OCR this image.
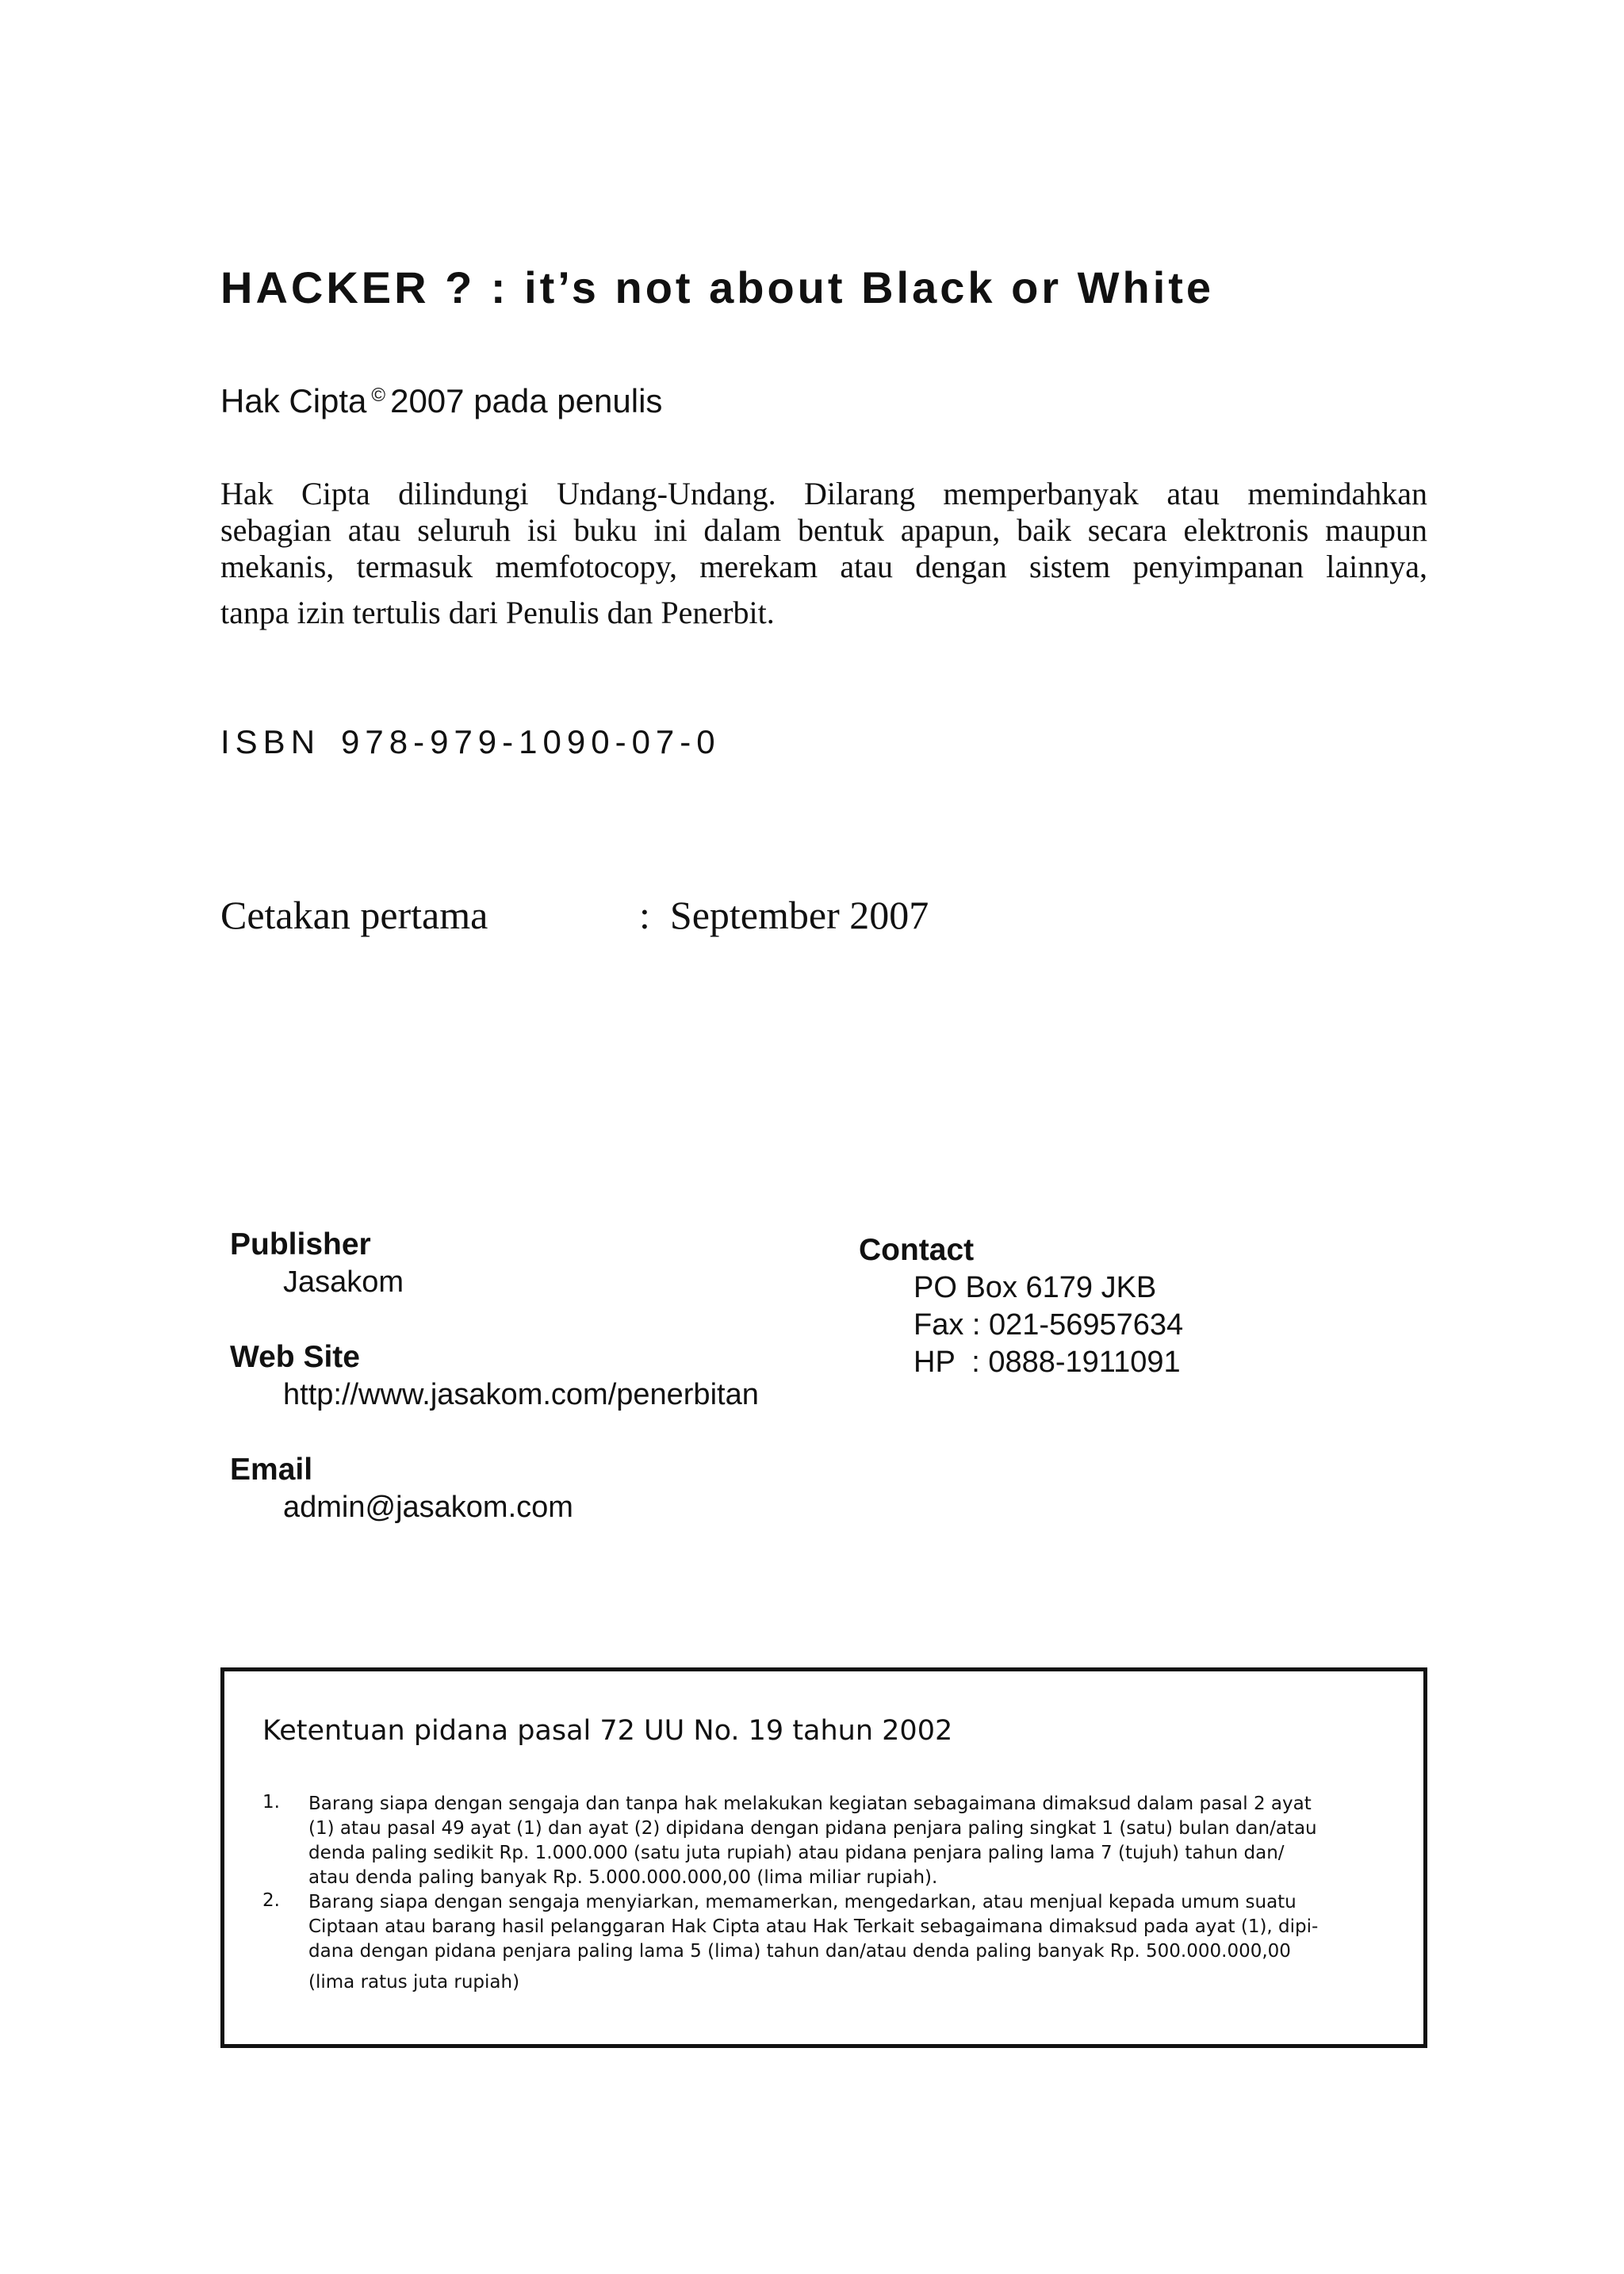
HACKER ? : it’s not about Black or White
Hak Cipta © 2007 pada penulis
Hak Cipta dilindungi Undang-Undang. Dilarang memperbanyak atau memindahkan
sebagian atau seluruh isi buku ini dalam bentuk apapun, baik secara elektronis maupun
mekanis, termasuk memfotocopy, merekam atau dengan sistem penyimpanan lainnya,
tanpa izin tertulis dari Penulis dan Penerbit.
ISBN 978-979-1090-07-0
Cetakan pertama	: September 2007
Publisher
Jasakom
Web Site
http://www.jasakom.com/penerbitan
Email
admin@jasakom.com
Contact
PO Box 6179 JKB
Fax : 021-56957634
HP  : 0888-1911091
Ketentuan pidana pasal 72 UU No. 19 tahun 2002
1. Barang siapa dengan sengaja dan tanpa hak melakukan kegiatan sebagaimana dimaksud dalam pasal 2 ayat
(1) atau pasal 49 ayat (1) dan ayat (2) dipidana dengan pidana penjara paling singkat 1 (satu) bulan dan/atau
denda paling sedikit Rp. 1.000.000 (satu juta rupiah) atau pidana penjara paling lama 7 (tujuh) tahun dan/
atau denda paling banyak Rp. 5.000.000.000,00 (lima miliar rupiah).
2. Barang siapa dengan sengaja menyiarkan, memamerkan, mengedarkan, atau menjual kepada umum suatu
Ciptaan atau barang hasil pelanggaran Hak Cipta atau Hak Terkait sebagaimana dimaksud pada ayat (1), dipi-
dana dengan pidana penjara paling lama 5 (lima) tahun dan/atau denda paling banyak Rp. 500.000.000,00
(lima ratus juta rupiah)
